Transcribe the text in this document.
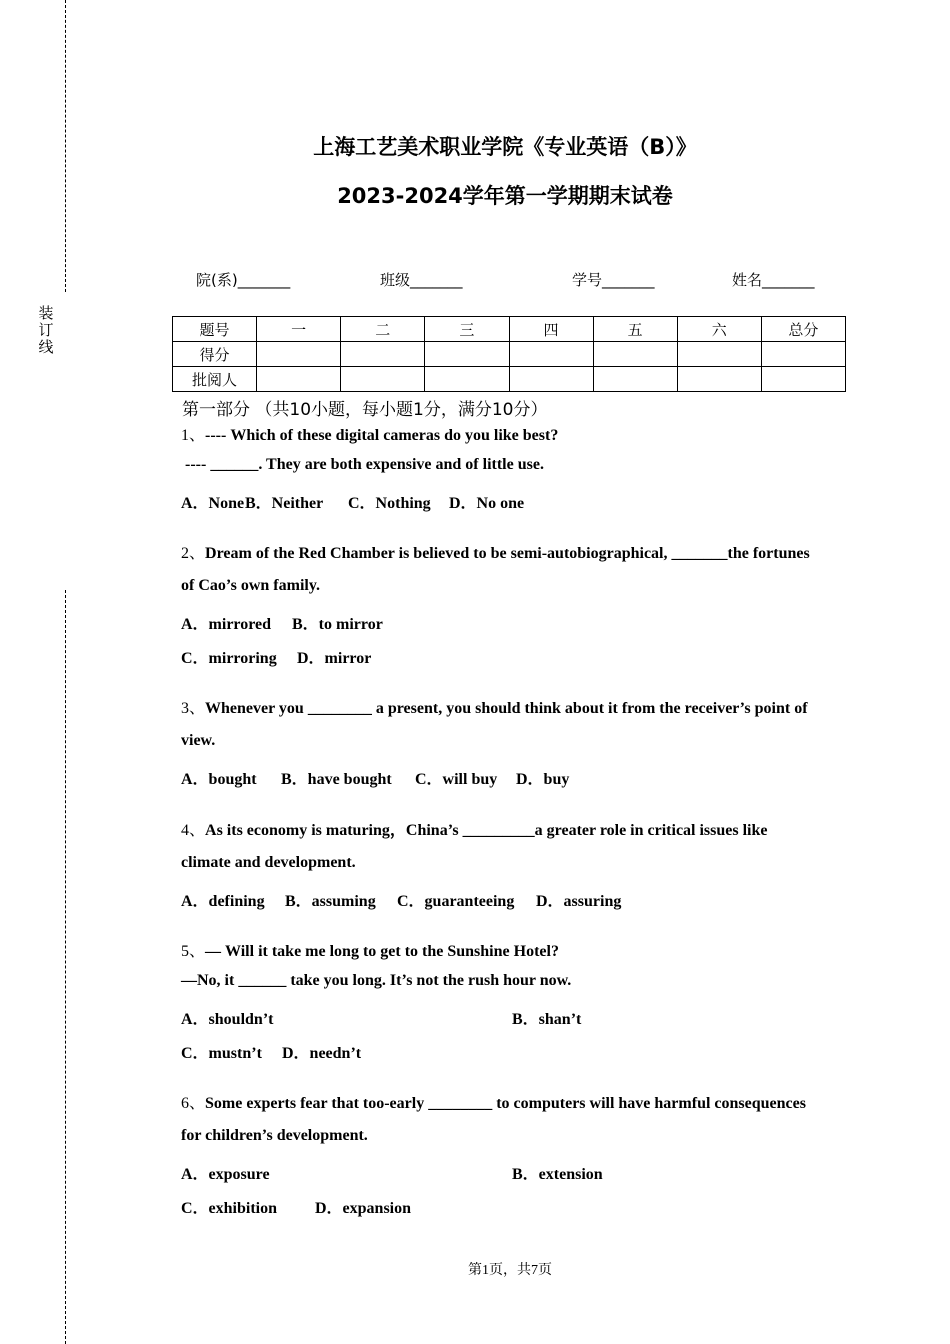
装
订
线
上海工艺美术职业学院《专业英语（B）》
2023-2024学年第一学期期末试卷
院(系)_______	班级_______	学号_______	姓名_______
题号	一	二	三	四	五	六	总分
得分							
批阅人							
第一部分 （共10小题，每小题1分，满分10分）
1、---- Which of these digital cameras do you like best?
---- ______. They are both expensive and of little use.
A．None B．Neither C．Nothing D．No one
2、Dream of the Red Chamber is believed to be semi-autobiographical, _______the fortunes
of Cao’s own family.
A．mirrored B．to mirror
C．mirroring D．mirror
3、Whenever you ________ a present, you should think about it from the receiver’s point of
view.
A．bought B．have bought C．will buy D．buy
4、As its economy is maturing，China’s _________a greater role in critical issues like
climate and development.
A．defining B．assuming C．guaranteeing D．assuring
5、— Will it take me long to get to the Sunshine Hotel?
—No, it ______ take you long. It’s not the rush hour now.
A．shouldn’t	B．shan’t
C．mustn’t D．needn’t
6、Some experts fear that too-early ________ to computers will have harmful consequences
for children’s development.
A．exposure	B．extension
C．exhibition D．expansion
第1页，共7页
